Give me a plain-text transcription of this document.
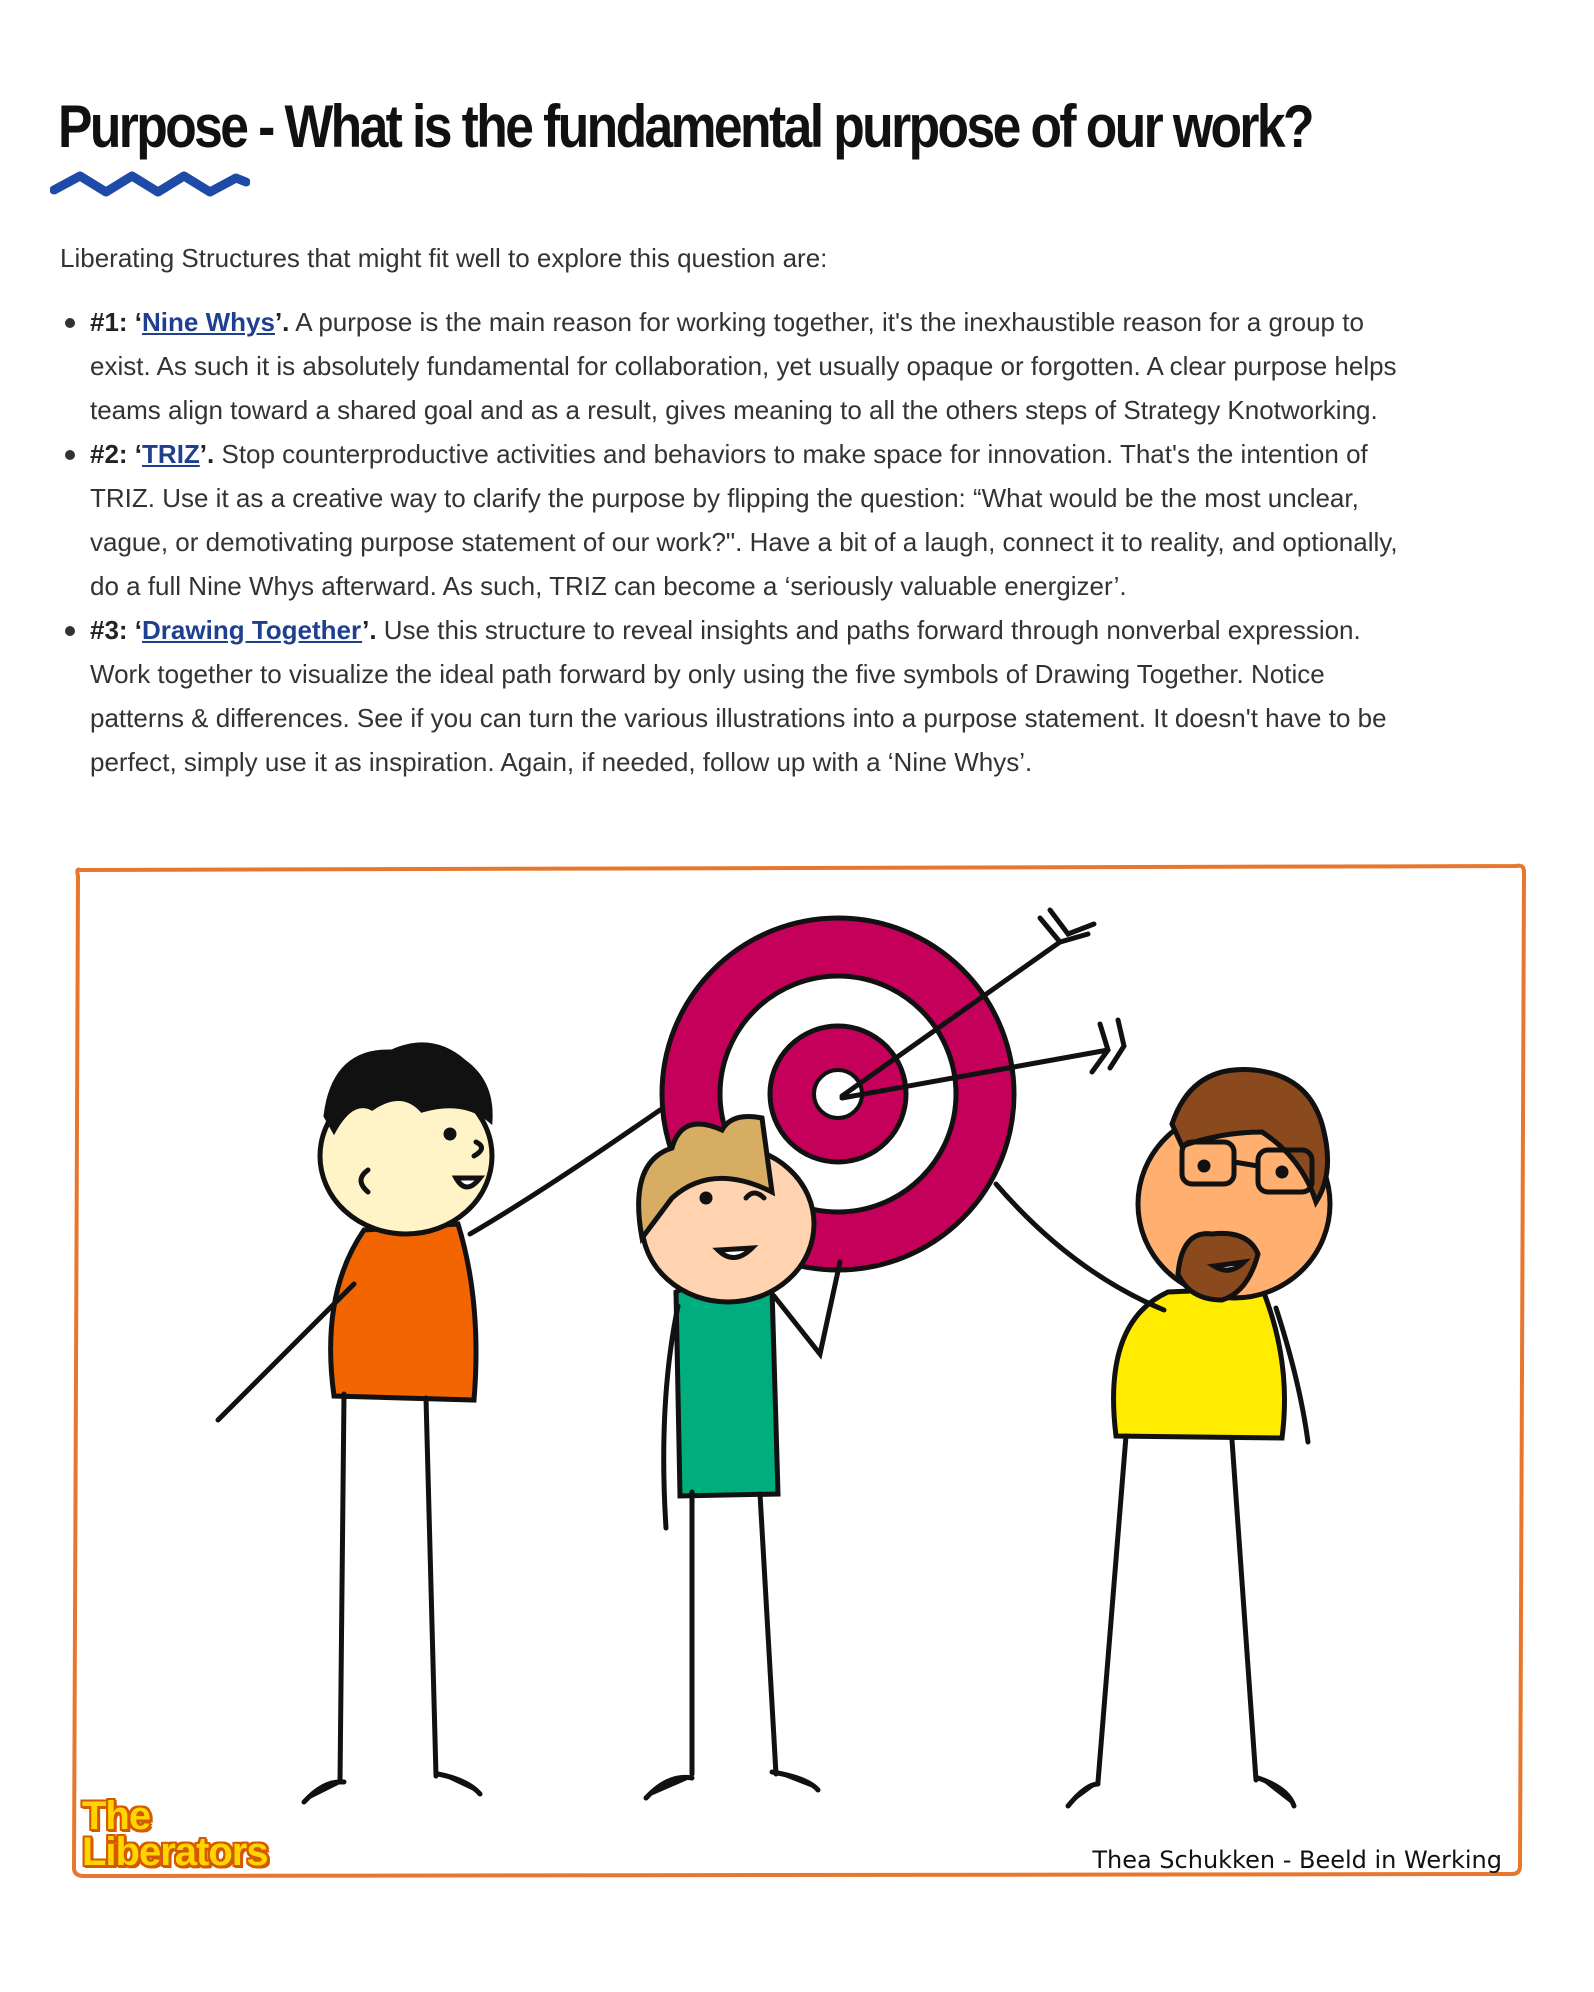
Purpose - What is the fundamental purpose of our work?

Liberating Structures that might fit well to explore this question are:

#1: ‘Nine Whys’. A purpose is the main reason for working together, it's the inexhaustible reason for a group to
exist. As such it is absolutely fundamental for collaboration, yet usually opaque or forgotten. A clear purpose helps
teams align toward a shared goal and as a result, gives meaning to all the others steps of Strategy Knotworking.
#2: ‘TRIZ’. Stop counterproductive activities and behaviors to make space for innovation. That's the intention of
TRIZ. Use it as a creative way to clarify the purpose by flipping the question: “What would be the most unclear,
vague, or demotivating purpose statement of our work?". Have a bit of a laugh, connect it to reality, and optionally,
do a full Nine Whys afterward. As such, TRIZ can become a ‘seriously valuable energizer’.
#3: ‘Drawing Together’. Use this structure to reveal insights and paths forward through nonverbal expression.
Work together to visualize the ideal path forward by only using the five symbols of Drawing Together. Notice
patterns & differences. See if you can turn the various illustrations into a purpose statement. It doesn't have to be
perfect, simply use it as inspiration. Again, if needed, follow up with a ‘Nine Whys’.
The
Liberators	Thea Schukken - Beeld in Werking
